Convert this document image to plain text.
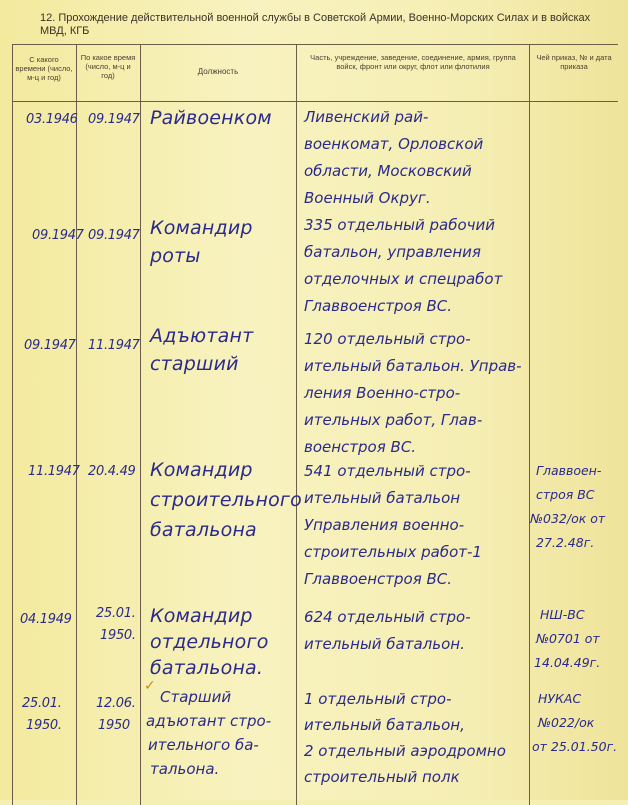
12. Прохождение действительной военной службы в Советской Армии, Военно-Морских Силах и в войсках МВД, КГБ
С какого времени (число, м-ц и год)
По какое время (число, м-ц и год)	Должность
Часть, учреждение, заведение, соединение, армия, группа войск, фронт или округ, флот или флотилия
Чей приказ, № и дата приказа
03.1946 09.1947 Райвоенком Ливенский рай-
военкомат, Орловской
области, Московский
Военный Округ.
09.1947 09.1947 Командир
роты
335 отдельный рабочий
батальон, управления
отделочных и спецработ
Главвоенстроя ВС.
09.1947 11.1947 Адъютант
старший
120 отдельный стро-
ительный батальон. Управ-
ления Военно-стро-
ительных работ, Глав-
военстроя ВС.
11.1947 20.4.49 Командир
строительного
батальона
541 отдельный стро-
ительный батальон
Управления военно-
строительных работ-1
Главвоенстроя ВС.
Главвоен-
строя ВС
№032/ок от
27.2.48г.
04.1949 25.01.
1950.
Командир
отдельного
батальона.
624 отдельный стро-
ительный батальон.
НШ-ВС
№0701 от
14.04.49г.
25.01.
1950.
12.06.
1950
✓
Старший
адъютант стро-
ительного ба-
тальона.
1 отдельный стро-
ительный батальон,
2 отдельный аэродромно
строительный полк
НУКАС
№022/ок
от 25.01.50г.
